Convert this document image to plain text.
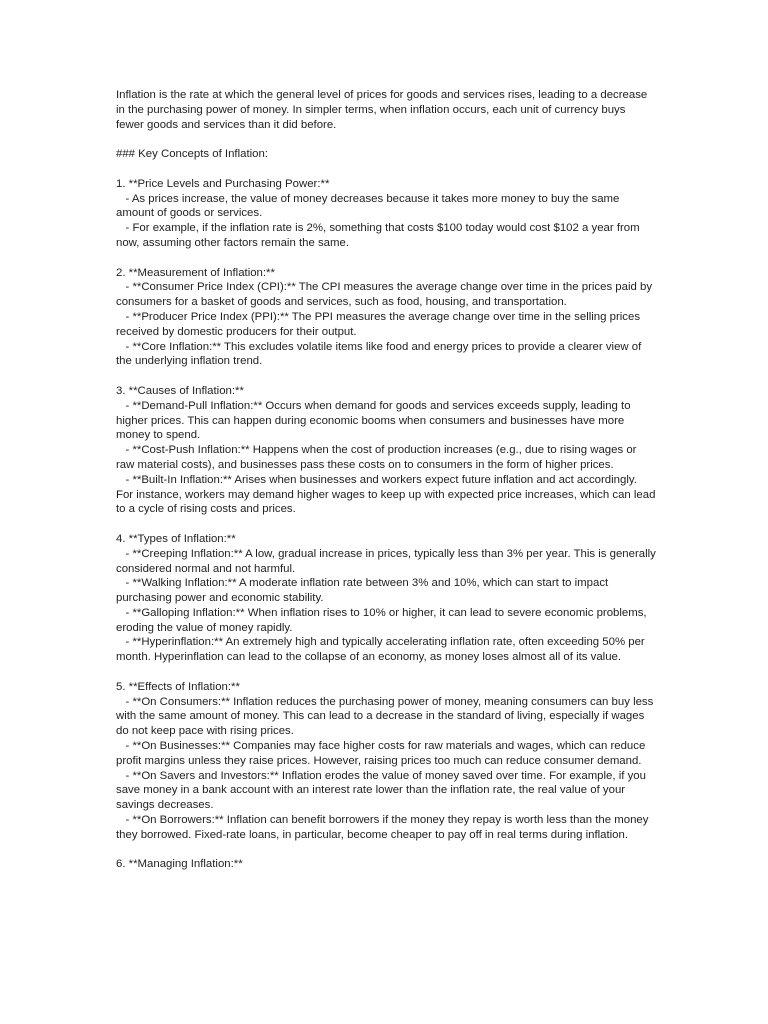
Inflation is the rate at which the general level of prices for goods and services rises, leading to a decrease in the purchasing power of money. In simpler terms, when inflation occurs, each unit of currency buys fewer goods and services than it did before.

### Key Concepts of Inflation:

1. **Price Levels and Purchasing Power:**

- As prices increase, the value of money decreases because it takes more money to buy the same amount of goods or services.

- For example, if the inflation rate is 2%, something that costs $100 today would cost $102 a year from now, assuming other factors remain the same.

2. **Measurement of Inflation:**

- **Consumer Price Index (CPI):** The CPI measures the average change over time in the prices paid by consumers for a basket of goods and services, such as food, housing, and transportation.

- **Producer Price Index (PPI):** The PPI measures the average change over time in the selling prices received by domestic producers for their output.

- **Core Inflation:** This excludes volatile items like food and energy prices to provide a clearer view of the underlying inflation trend.

3. **Causes of Inflation:**

- **Demand-Pull Inflation:** Occurs when demand for goods and services exceeds supply, leading to higher prices. This can happen during economic booms when consumers and businesses have more money to spend.

- **Cost-Push Inflation:** Happens when the cost of production increases (e.g., due to rising wages or raw material costs), and businesses pass these costs on to consumers in the form of higher prices.

- **Built-In Inflation:** Arises when businesses and workers expect future inflation and act accordingly. For instance, workers may demand higher wages to keep up with expected price increases, which can lead to a cycle of rising costs and prices.

4. **Types of Inflation:**

- **Creeping Inflation:** A low, gradual increase in prices, typically less than 3% per year. This is generally considered normal and not harmful.

- **Walking Inflation:** A moderate inflation rate between 3% and 10%, which can start to impact purchasing power and economic stability.

- **Galloping Inflation:** When inflation rises to 10% or higher, it can lead to severe economic problems, eroding the value of money rapidly.

- **Hyperinflation:** An extremely high and typically accelerating inflation rate, often exceeding 50% per month. Hyperinflation can lead to the collapse of an economy, as money loses almost all of its value.

5. **Effects of Inflation:**

- **On Consumers:** Inflation reduces the purchasing power of money, meaning consumers can buy less with the same amount of money. This can lead to a decrease in the standard of living, especially if wages do not keep pace with rising prices.

- **On Businesses:** Companies may face higher costs for raw materials and wages, which can reduce profit margins unless they raise prices. However, raising prices too much can reduce consumer demand.

- **On Savers and Investors:** Inflation erodes the value of money saved over time. For example, if you save money in a bank account with an interest rate lower than the inflation rate, the real value of your savings decreases.

- **On Borrowers:** Inflation can benefit borrowers if the money they repay is worth less than the money they borrowed. Fixed-rate loans, in particular, become cheaper to pay off in real terms during inflation.

6. **Managing Inflation:**
